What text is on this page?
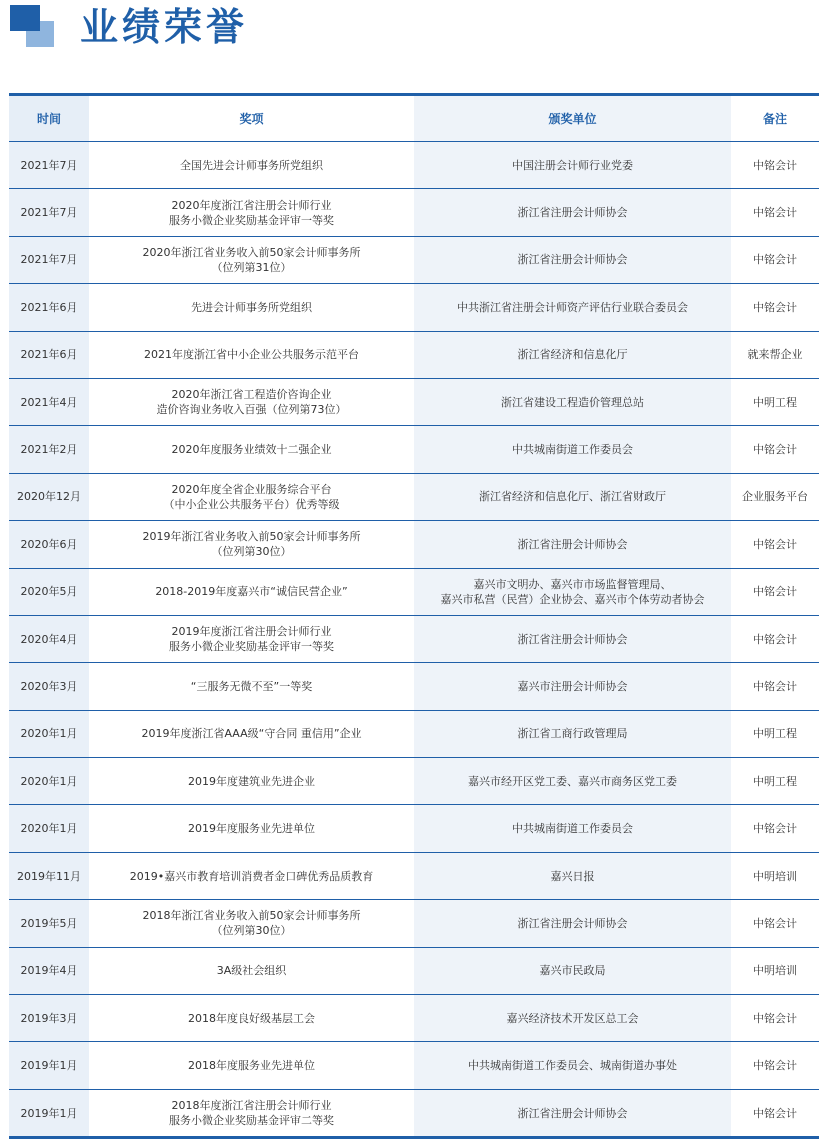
业绩荣誉
时间	奖项	颁奖单位	备注
2021年7月	全国先进会计师事务所党组织	中国注册会计师行业党委	中铭会计
2021年7月	2020年度浙江省注册会计师行业
服务小微企业奖励基金评审一等奖	浙江省注册会计师协会	中铭会计
2021年7月	2020年浙江省业务收入前50家会计师事务所
（位列第31位）	浙江省注册会计师协会	中铭会计
2021年6月	先进会计师事务所党组织	中共浙江省注册会计师资产评估行业联合委员会	中铭会计
2021年6月	2021年度浙江省中小企业公共服务示范平台	浙江省经济和信息化厅	就来帮企业
2021年4月	2020年浙江省工程造价咨询企业
造价咨询业务收入百强（位列第73位）	浙江省建设工程造价管理总站	中明工程
2021年2月	2020年度服务业绩效十二强企业	中共城南街道工作委员会	中铭会计
2020年12月	2020年度全省企业服务综合平台
（中小企业公共服务平台）优秀等级	浙江省经济和信息化厅、浙江省财政厅	企业服务平台
2020年6月	2019年浙江省业务收入前50家会计师事务所
（位列第30位）	浙江省注册会计师协会	中铭会计
2020年5月	2018-2019年度嘉兴市“诚信民营企业”	嘉兴市文明办、嘉兴市市场监督管理局、
嘉兴市私营（民营）企业协会、嘉兴市个体劳动者协会	中铭会计
2020年4月	2019年度浙江省注册会计师行业
服务小微企业奖励基金评审一等奖	浙江省注册会计师协会	中铭会计
2020年3月	“三服务无微不至”一等奖	嘉兴市注册会计师协会	中铭会计
2020年1月	2019年度浙江省AAA级“守合同 重信用”企业	浙江省工商行政管理局	中明工程
2020年1月	2019年度建筑业先进企业	嘉兴市经开区党工委、嘉兴市商务区党工委	中明工程
2020年1月	2019年度服务业先进单位	中共城南街道工作委员会	中铭会计
2019年11月	2019•嘉兴市教育培训消费者金口碑优秀品质教育	嘉兴日报	中明培训
2019年5月	2018年浙江省业务收入前50家会计师事务所
（位列第30位）	浙江省注册会计师协会	中铭会计
2019年4月	3A级社会组织	嘉兴市民政局	中明培训
2019年3月	2018年度良好级基层工会	嘉兴经济技术开发区总工会	中铭会计
2019年1月	2018年度服务业先进单位	中共城南街道工作委员会、城南街道办事处	中铭会计
2019年1月	2018年度浙江省注册会计师行业
服务小微企业奖励基金评审二等奖	浙江省注册会计师协会	中铭会计
